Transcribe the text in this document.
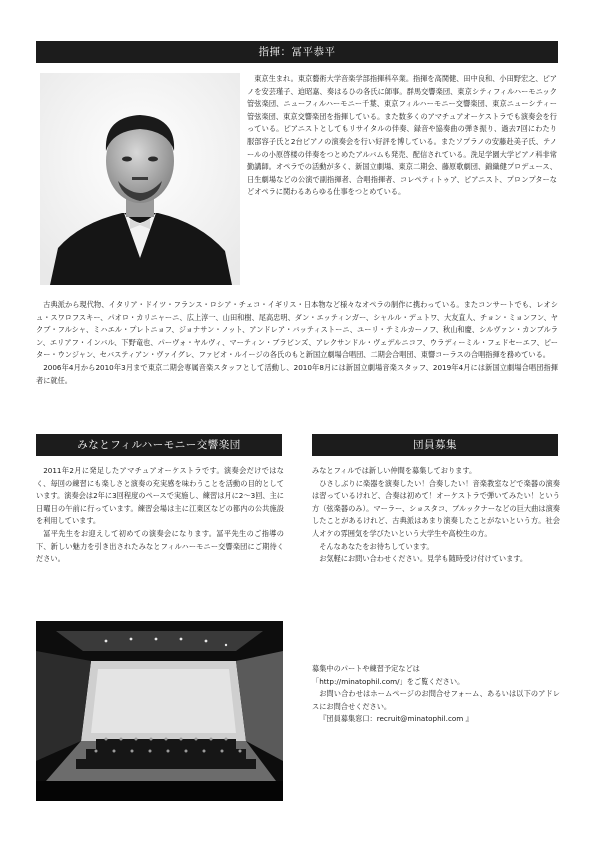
指揮：冨平恭平

東京生まれ。東京藝術大学音楽学部指揮科卒業。指揮を高関健、田中良和、小田野宏之、ピアノを安芸瑾子、迫昭嘉、奏はるひの各氏に師事。群馬交響楽団、東京シティフィルハーモニック管弦楽団、ニューフィルハーモニー千葉、東京フィルハーモニー交響楽団、東京ニューシティー管弦楽団、東京交響楽団を指揮している。また数多くのアマチュアオーケストラでも演奏会を行っている。ピアニストとしてもリサイタルの伴奏、録音や協奏曲の弾き振り、過去7回にわたり服部容子氏と2台ピアノの演奏会を行い好評を博している。またソプラノの安藤赴美子氏、テノールの小原啓楼の伴奏をつとめたアルバムも発売、配信されている。洗足学園大学ピアノ科非常勤講師。オペラでの活動が多く、新国立劇場、東京二期会、藤原歌劇団、錦織健プロデュース、日生劇場などの公演で副指揮者、合唱指揮者、コレペティトゥア、ピアニスト、プロンプターなどオペラに関わるあらゆる仕事をつとめている。

古典派から現代物、イタリア・ドイツ・フランス・ロシア・チェコ・イギリス・日本物など様々なオペラの制作に携わっている。またコンサートでも、レオシュ・スワロフスキー、パオロ・カリニャーニ、広上淳一、山田和樹、尾高忠明、ダン・エッティンガー、シャルル・デュトワ、大友直人、チョン・ミョンフン、ヤクブ・フルシャ、ミハエル・プレトニョフ、ジョナサン・ノット、アンドレア・バッティストーニ、ユーリ・テミルカーノフ、秋山和慶、シルヴァン・カンブルラン、エリアフ・インバル、下野竜也、パーヴォ・ヤルヴィ、マーティン・ブラビンズ、アレクサンドル・ヴェデルニコフ、ウラディーミル・フェドセーエフ、ピーター・ウンジャン、セバスティアン・ヴァイグレ、ファビオ・ルイージの各氏のもと新国立劇場合唱団、二期会合唱団、東響コーラスの合唱指揮を務めている。

2006年4月から2010年3月まで東京二期会専属音楽スタッフとして活動し、2010年8月には新国立劇場音楽スタッフ、2019年4月には新国立劇場合唱団指揮者に就任。

みなとフィルハーモニー交響楽団

2011年2月に発足したアマチュアオーケストラです。演奏会だけではなく、毎回の練習にも楽しさと演奏の充実感を味わうことを活動の目的としています。演奏会は2年に3回程度のペースで実施し、練習は月に2〜3回、主に日曜日の午前に行っています。練習会場は主に江東区などの都内の公共施設を利用しています。

冨平先生をお迎えして初めての演奏会になります。冨平先生のご指導の下、新しい魅力を引き出されたみなとフィルハーモニー交響楽団にご期待ください。

団員募集

みなとフィルでは新しい仲間を募集しております。

ひさしぶりに楽器を演奏したい！合奏したい！音楽教室などで楽器の演奏は習っているけれど、合奏は初めて！オーケストラで弾いてみたい！という方（弦楽器のみ）。マーラー、ショスタコ、ブルックナーなどの巨大曲は演奏したことがあるけれど、古典派はあまり演奏したことがないという方。社会人オケの雰囲気を学びたいという大学生や高校生の方。

そんなあなたをお待ちしています。

お気軽にお問い合わせください。見学も随時受け付けています。

募集中のパートや練習予定などは

「http://minatophil.com/」をご覧ください。

お問い合わせはホームページのお問合せフォーム、あるいは以下のアドレスにお問合せください。

『団員募集窓口：recruit@minatophil.com 』
